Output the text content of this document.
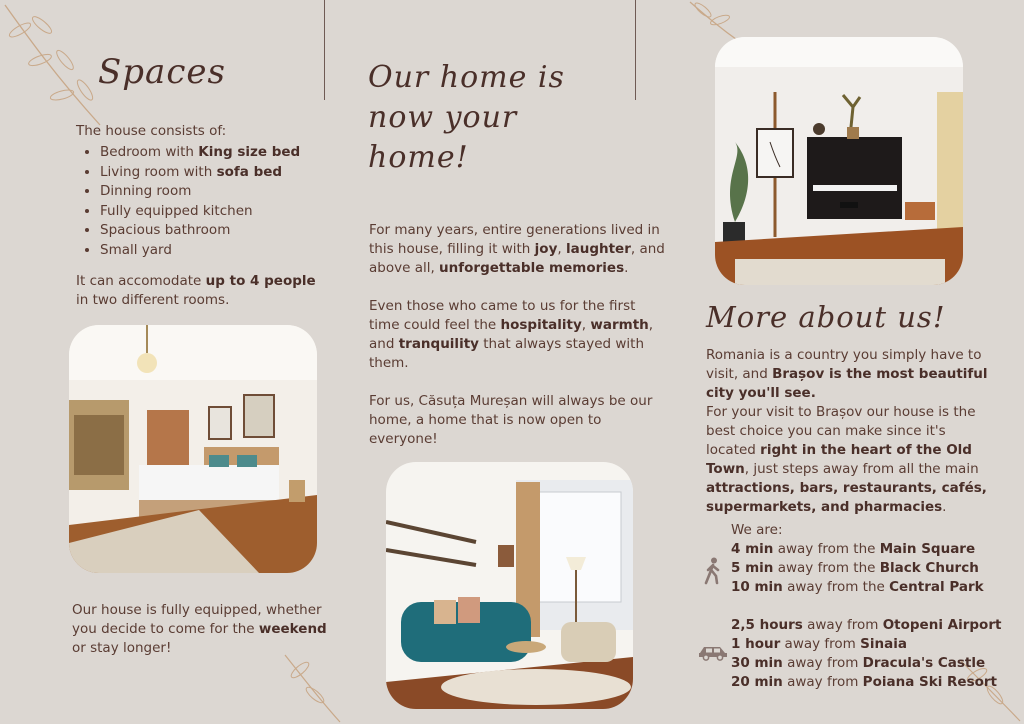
Spaces

The house consists of:

• Bedroom with King size bed
• Living room with sofa bed
• Dinning room
• Fully equipped kitchen
• Spacious bathroom
• Small yard

It can accomodate up to 4 people in two different rooms.

Our house is fully equipped, whether you decide to come for the weekend or stay longer!

Our home is
now your
home!

For many years, entire generations lived in this house, filling it with joy, laughter, and above all, unforgettable memories.

Even those who came to us for the first time could feel the hospitality, warmth, and tranquility that always stayed with them.

For us, Căsuța Mureșan will always be our home, a home that is now open to everyone!

More about us!

Romania is a country you simply have to visit, and Brașov is the most beautiful city you'll see.

For your visit to Brașov our house is the best choice you can make since it's located right in the heart of the Old Town, just steps away from all the main attractions, bars, restaurants, cafés, supermarkets, and pharmacies.

We are:

4 min away from the Main Square

5 min away from the Black Church

10 min away from the Central Park

2,5 hours away from Otopeni Airport

1 hour away from Sinaia

30 min away from Dracula's Castle

20 min away from Poiana Ski Resort
